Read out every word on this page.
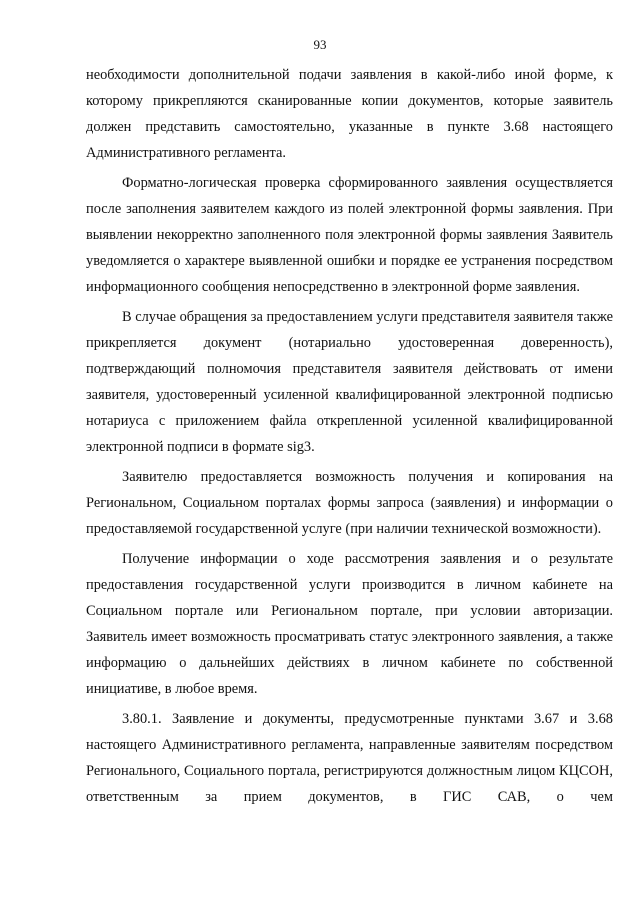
93

необходимости дополнительной подачи заявления в какой-либо иной форме, к которому прикрепляются сканированные копии документов, которые заявитель должен представить самостоятельно, указанные в пункте 3.68 настоящего Административного регламента.

Форматно-логическая проверка сформированного заявления осуществляется после заполнения заявителем каждого из полей электронной формы заявления. При выявлении некорректно заполненного поля электронной формы заявления Заявитель уведомляется о характере выявленной ошибки и порядке ее устранения посредством информационного сообщения непосредственно в электронной форме заявления.

В случае обращения за предоставлением услуги представителя заявителя также прикрепляется документ (нотариально удостоверенная доверенность), подтверждающий полномочия представителя заявителя действовать от имени заявителя, удостоверенный усиленной квалифицированной электронной подписью нотариуса с приложением файла открепленной усиленной квалифицированной электронной подписи в формате sig3.

Заявителю предоставляется возможность получения и копирования на Региональном, Социальном порталах формы запроса (заявления) и информации о предоставляемой государственной услуге (при наличии технической возможности).

Получение информации о ходе рассмотрения заявления и о результате предоставления государственной услуги производится в личном кабинете на Социальном портале или Региональном портале, при условии авторизации. Заявитель имеет возможность просматривать статус электронного заявления, а также информацию о дальнейших действиях в личном кабинете по собственной инициативе, в любое время.

3.80.1. Заявление и документы, предусмотренные пунктами 3.67 и 3.68 настоящего Административного регламента, направленные заявителям посредством Регионального, Социального портала, регистрируются должностным лицом КЦСОН, ответственным за прием документов, в ГИС САВ, о чем
